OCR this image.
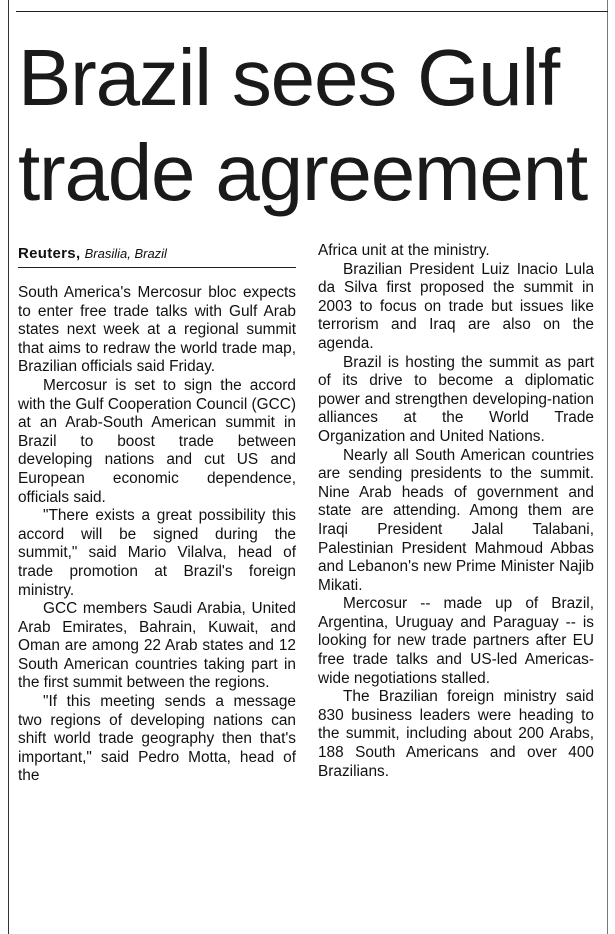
Brazil sees Gulf
trade agreement
Reuters, Brasilia, Brazil

South America's Mercosur bloc expects to enter free trade talks with Gulf Arab states next week at a regional summit that aims to redraw the world trade map, Brazilian officials said Friday.

Mercosur is set to sign the accord with the Gulf Cooperation Council (GCC) at an Arab-South American summit in Brazil to boost trade between developing nations and cut US and European economic dependence, officials said.

"There exists a great possibility this accord will be signed during the summit," said Mario Vilalva, head of trade promotion at Brazil's foreign ministry.

GCC members Saudi Arabia, United Arab Emirates, Bahrain, Kuwait, and Oman are among 22 Arab states and 12 South American countries taking part in the first summit between the regions.

"If this meeting sends a message two regions of developing nations can shift world trade geography then that's important," said Pedro Motta, head of the

Africa unit at the ministry.

Brazilian President Luiz Inacio Lula da Silva first proposed the summit in 2003 to focus on trade but issues like terrorism and Iraq are also on the agenda.

Brazil is hosting the summit as part of its drive to become a diplomatic power and strengthen developing-nation alliances at the World Trade Organization and United Nations.

Nearly all South American countries are sending presidents to the summit. Nine Arab heads of government and state are attending. Among them are Iraqi President Jalal Talabani, Palestinian President Mahmoud Abbas and Lebanon's new Prime Minister Najib Mikati.

Mercosur -- made up of Brazil, Argentina, Uruguay and Paraguay -- is looking for new trade partners after EU free trade talks and US-led Americas-wide negotiations stalled.

The Brazilian foreign ministry said 830 business leaders were heading to the summit, including about 200 Arabs, 188 South Americans and over 400 Brazilians.
